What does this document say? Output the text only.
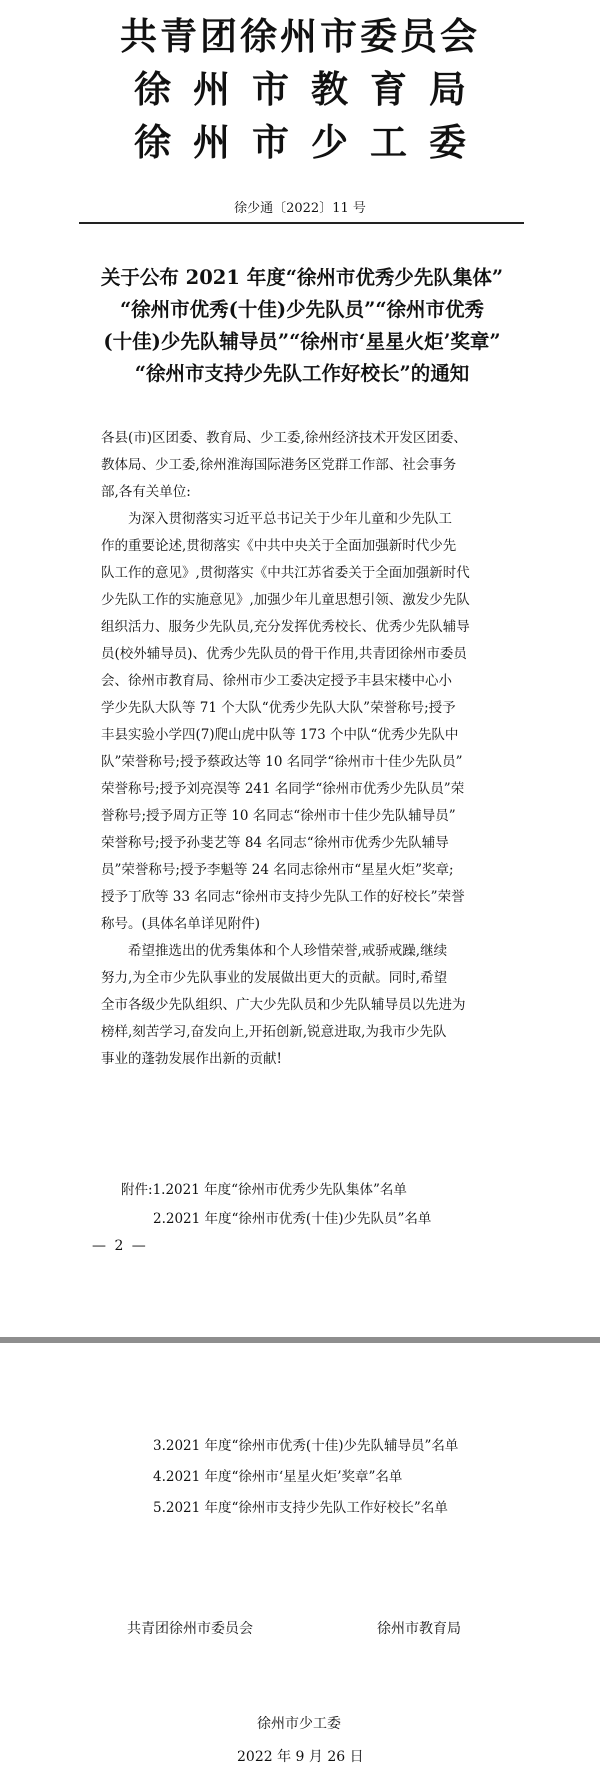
共青团徐州市委员会
徐州市教育局
徐州市少工委
徐少通〔2022〕11 号
关于公布 2021 年度“徐州市优秀少先队集体”
“徐州市优秀(十佳)少先队员”“徐州市优秀
(十佳)少先队辅导员”“徐州市‘星星火炬’奖章”
“徐州市支持少先队工作好校长”的通知

各县(市)区团委、教育局、少工委,徐州经济技术开发区团委、
教体局、少工委,徐州淮海国际港务区党群工作部、社会事务
部,各有关单位:

为深入贯彻落实习近平总书记关于少年儿童和少先队工
作的重要论述,贯彻落实《中共中央关于全面加强新时代少先
队工作的意见》,贯彻落实《中共江苏省委关于全面加强新时代
少先队工作的实施意见》,加强少年儿童思想引领、激发少先队
组织活力、服务少先队员,充分发挥优秀校长、优秀少先队辅导
员(校外辅导员)、优秀少先队员的骨干作用,共青团徐州市委员
会、徐州市教育局、徐州市少工委决定授予丰县宋楼中心小
学少先队大队等 71 个大队“优秀少先队大队”荣誉称号;授予
丰县实验小学四(7)爬山虎中队等 173 个中队“优秀少先队中
队”荣誉称号;授予蔡政达等 10 名同学“徐州市十佳少先队员”
荣誉称号;授予刘亮淏等 241 名同学“徐州市优秀少先队员”荣
誉称号;授予周方正等 10 名同志“徐州市十佳少先队辅导员”
荣誉称号;授予孙斐艺等 84 名同志“徐州市优秀少先队辅导
员”荣誉称号;授予李魁等 24 名同志徐州市“星星火炬”奖章;
授予丁欣等 33 名同志“徐州市支持少先队工作的好校长”荣誉
称号。(具体名单详见附件)

希望推选出的优秀集体和个人珍惜荣誉,戒骄戒躁,继续
努力,为全市少先队事业的发展做出更大的贡献。同时,希望
全市各级少先队组织、广大少先队员和少先队辅导员以先进为
榜样,刻苦学习,奋发向上,开拓创新,锐意进取,为我市少先队
事业的蓬勃发展作出新的贡献!

附件:1.2021 年度“徐州市优秀少先队集体”名单
2.2021 年度“徐州市优秀(十佳)少先队员”名单
— 2 —
3.2021 年度“徐州市优秀(十佳)少先队辅导员”名单
4.2021 年度“徐州市‘星星火炬’奖章”名单
5.2021 年度“徐州市支持少先队工作好校长”名单
共青团徐州市委员会	徐州市教育局
徐州市少工委
2022 年 9 月 26 日
